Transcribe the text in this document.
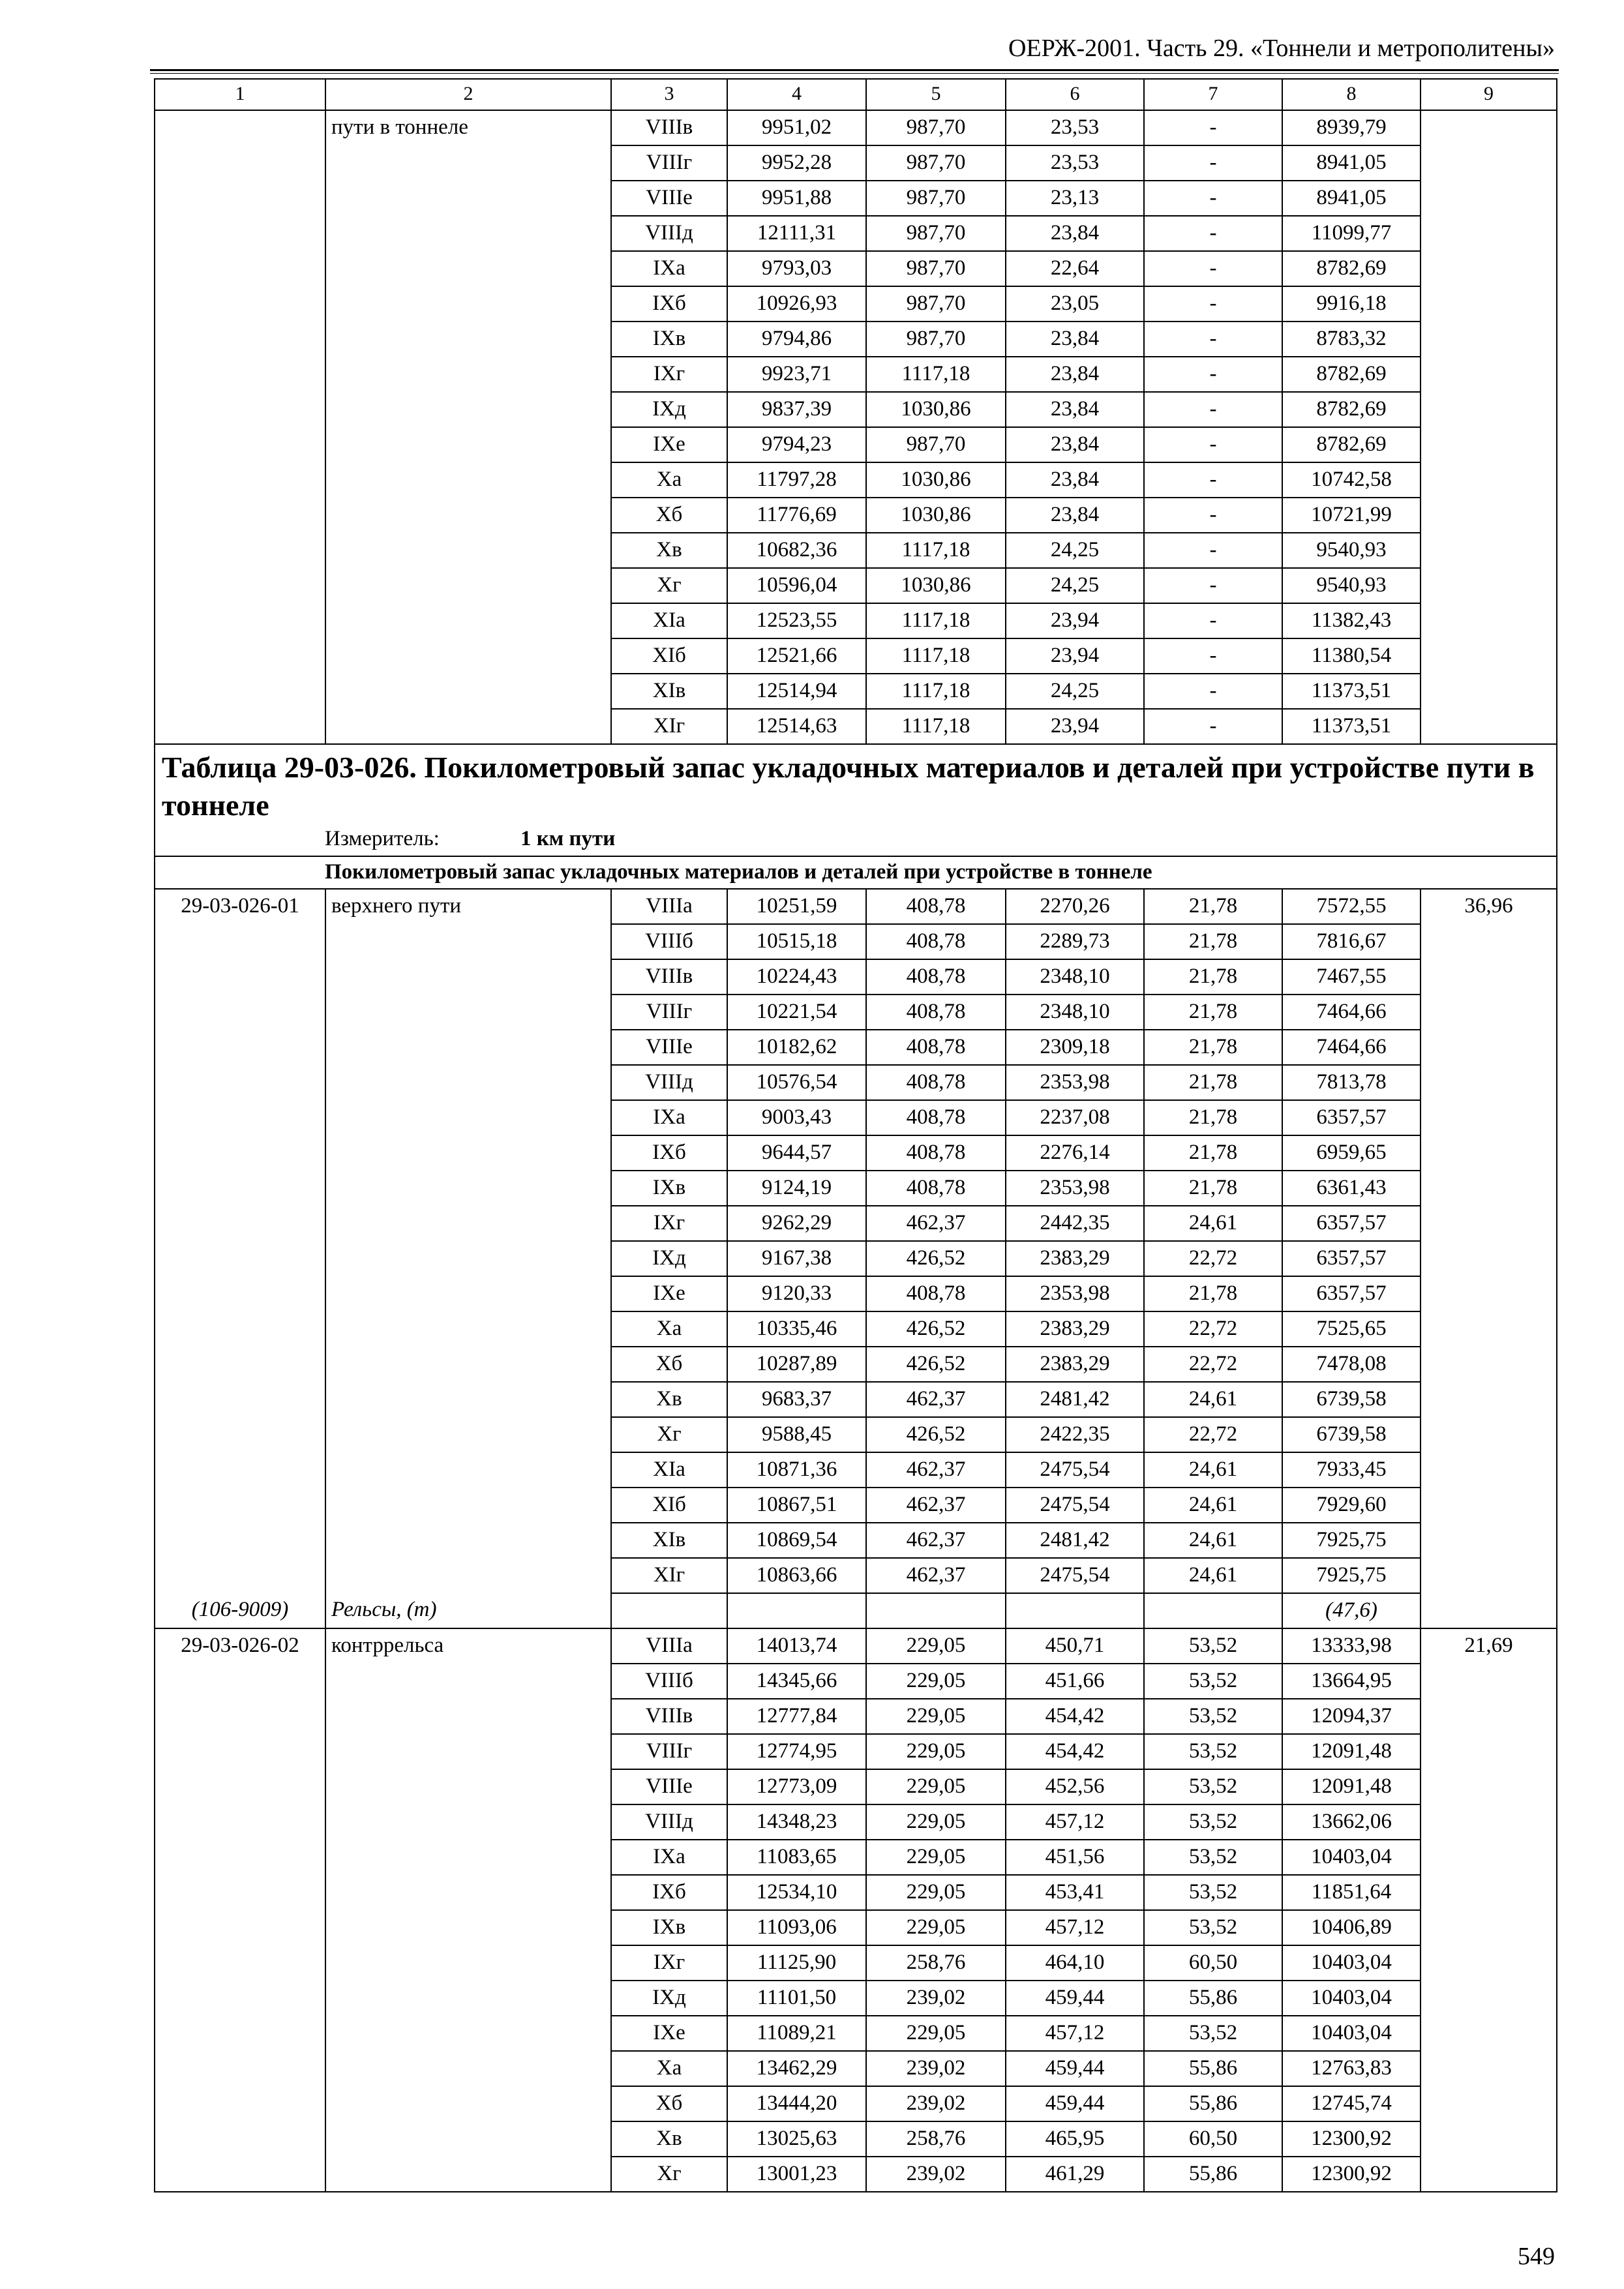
ОЕРЖ-2001. Часть 29. «Тоннели и метрополитены»
1	2	3	4	5	6	7	8	9
	пути в тоннеле	VIIIв	9951,02	987,70	23,53	-	8939,79	
		VIIIг	9952,28	987,70	23,53	-	8941,05	
		VIIIе	9951,88	987,70	23,13	-	8941,05	
		VIIIд	12111,31	987,70	23,84	-	11099,77	
		IXа	9793,03	987,70	22,64	-	8782,69	
		IXб	10926,93	987,70	23,05	-	9916,18	
		IXв	9794,86	987,70	23,84	-	8783,32	
		IXг	9923,71	1117,18	23,84	-	8782,69	
		IXд	9837,39	1030,86	23,84	-	8782,69	
		IXе	9794,23	987,70	23,84	-	8782,69	
		Xа	11797,28	1030,86	23,84	-	10742,58	
		Xб	11776,69	1030,86	23,84	-	10721,99	
		Xв	10682,36	1117,18	24,25	-	9540,93	
		Xг	10596,04	1030,86	24,25	-	9540,93	
		XIа	12523,55	1117,18	23,94	-	11382,43	
		XIб	12521,66	1117,18	23,94	-	11380,54	
		XIв	12514,94	1117,18	24,25	-	11373,51	
		XIг	12514,63	1117,18	23,94	-	11373,51	

Таблица 29-03-026. Покилометровый запас укладочных материалов и деталей при устройстве пути в тоннеле
Измеритель: 1 км пути								

Покилометровый запас укладочных материалов и деталей при устройстве в тоннеле								
29-03-026-01	верхнего пути	VIIIа	10251,59	408,78	2270,26	21,78	7572,55	36,96
		VIIIб	10515,18	408,78	2289,73	21,78	7816,67	
		VIIIв	10224,43	408,78	2348,10	21,78	7467,55	
		VIIIг	10221,54	408,78	2348,10	21,78	7464,66	
		VIIIе	10182,62	408,78	2309,18	21,78	7464,66	
		VIIIд	10576,54	408,78	2353,98	21,78	7813,78	
		IXа	9003,43	408,78	2237,08	21,78	6357,57	
		IXб	9644,57	408,78	2276,14	21,78	6959,65	
		IXв	9124,19	408,78	2353,98	21,78	6361,43	
		IXг	9262,29	462,37	2442,35	24,61	6357,57	
		IXд	9167,38	426,52	2383,29	22,72	6357,57	
		IXе	9120,33	408,78	2353,98	21,78	6357,57	
		Xа	10335,46	426,52	2383,29	22,72	7525,65	
		Xб	10287,89	426,52	2383,29	22,72	7478,08	
		Xв	9683,37	462,37	2481,42	24,61	6739,58	
		Xг	9588,45	426,52	2422,35	22,72	6739,58	
		XIа	10871,36	462,37	2475,54	24,61	7933,45	
		XIб	10867,51	462,37	2475,54	24,61	7929,60	
		XIв	10869,54	462,37	2481,42	24,61	7925,75	
		XIг	10863,66	462,37	2475,54	24,61	7925,75	
(106-9009)	Рельсы, (т)						(47,6)	
29-03-026-02	контррельса	VIIIа	14013,74	229,05	450,71	53,52	13333,98	21,69
		VIIIб	14345,66	229,05	451,66	53,52	13664,95	
		VIIIв	12777,84	229,05	454,42	53,52	12094,37	
		VIIIг	12774,95	229,05	454,42	53,52	12091,48	
		VIIIе	12773,09	229,05	452,56	53,52	12091,48	
		VIIIд	14348,23	229,05	457,12	53,52	13662,06	
		IXа	11083,65	229,05	451,56	53,52	10403,04	
		IXб	12534,10	229,05	453,41	53,52	11851,64	
		IXв	11093,06	229,05	457,12	53,52	10406,89	
		IXг	11125,90	258,76	464,10	60,50	10403,04	
		IXд	11101,50	239,02	459,44	55,86	10403,04	
		IXе	11089,21	229,05	457,12	53,52	10403,04	
		Xа	13462,29	239,02	459,44	55,86	12763,83	
		Xб	13444,20	239,02	459,44	55,86	12745,74	
		Xв	13025,63	258,76	465,95	60,50	12300,92	
		Xг	13001,23	239,02	461,29	55,86	12300,92	
549
